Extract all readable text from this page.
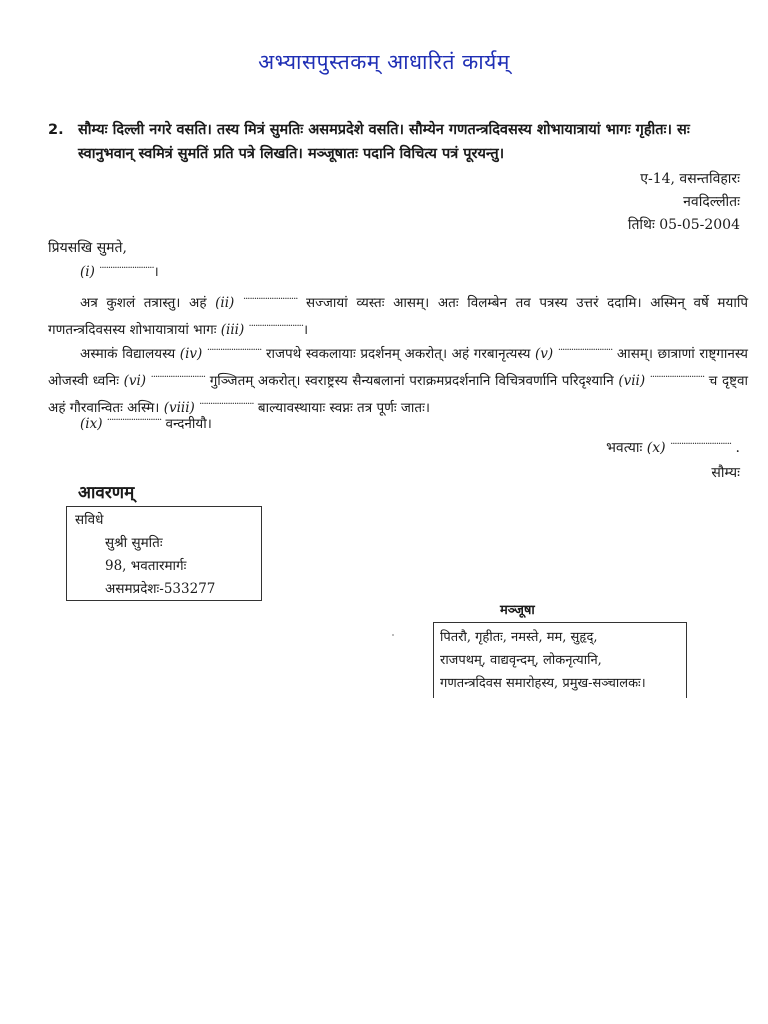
अभ्यासपुस्तकम् आधारितं कार्यम्
2. सौम्यः दिल्ली नगरे वसति। तस्य मित्रं सुमतिः असमप्रदेशे वसति। सौम्येन गणतन्त्रदिवसस्य शोभायात्रायां भागः गृहीतः। सः स्वानुभवान् स्वमित्रं सुमतिं प्रति पत्रे लिखति। मञ्जूषातः पदानि विचित्य पत्रं पूरयन्तु।
ए-14, वसन्तविहारः
नवदिल्लीतः
तिथिः 05-05-2004
प्रियसखि सुमते,
(i) ·························।
अत्र कुशलं तत्रास्तु। अहं (ii) ························· सज्जायां व्यस्तः आसम्। अतः विलम्बेन तव पत्रस्य उत्तरं ददामि। अस्मिन् वर्षे मयापि गणतन्त्रदिवसस्य शोभायात्रायां भागः (iii) ·························।
अस्माकं विद्यालयस्य (iv) ························· राजपथे स्वकलायाः प्रदर्शनम् अकरोत्। अहं गरबानृत्यस्य (v) ························· आसम्। छात्राणां राष्ट्गानस्य ओजस्वी ध्वनिः (vi) ························· गुञ्जितम् अकरोत्। स्वराष्ट्रस्य सैन्यबलानां पराक्रमप्रदर्शनानि विचित्रवर्णानि परिदृश्यानि (vii) ························· च दृष्ट्वा अहं गौरवान्वितः अस्मि। (viii) ························· बाल्यावस्थायाः स्वप्नः तत्र पूर्णः जातः।
(ix) ························· वन्दनीयौ।
भवत्याः (x) ···························· .
सौम्यः
आवरणम्
सविधे
सुश्री सुमतिः
98, भवतारमार्गः
असमप्रदेशः-533277
मञ्जूषा
पितरौ, गृहीतः, नमस्ते, मम, सुहृद्,
राजपथम्, वाद्यवृन्दम्, लोकनृत्यानि,
गणतन्त्रदिवस समारोहस्य, प्रमुख-सञ्चालकः।
